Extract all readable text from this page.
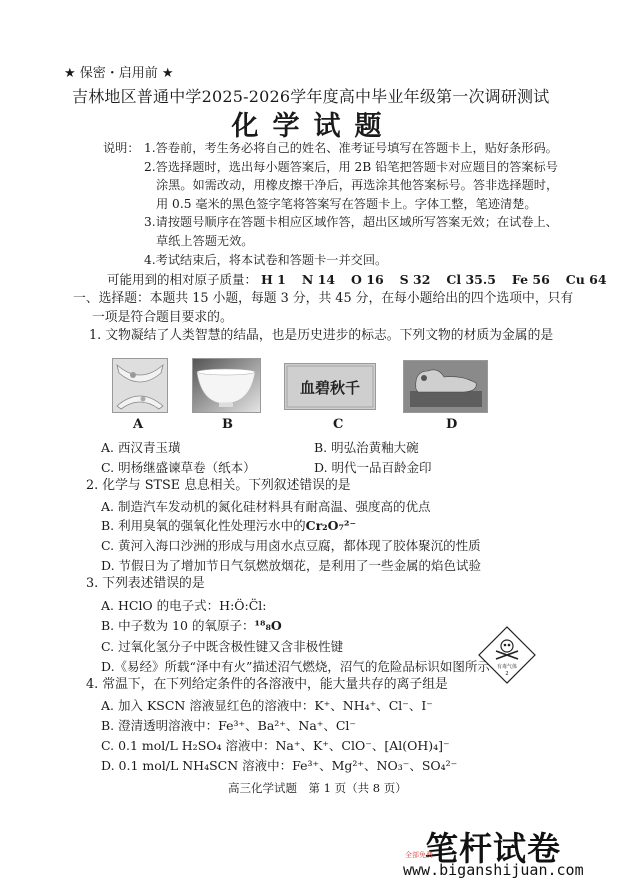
★ 保密・启用前 ★
吉林地区普通中学2025-2026学年度高中毕业年级第一次调研测试
化学试题
说明： 1.答卷前，考生务必将自己的姓名、准考证号填写在答题卡上，贴好条形码。
2.答选择题时，选出每小题答案后，用 2B 铅笔把答题卡对应题目的答案标号
涂黑。如需改动，用橡皮擦干净后，再选涂其他答案标号。答非选择题时，
用 0.5 毫米的黑色签字笔将答案写在答题卡上。字体工整，笔迹清楚。
3.请按题号顺序在答题卡相应区域作答，超出区域所写答案无效；在试卷上、
草纸上答题无效。
4.考试结束后，将本试卷和答题卡一并交回。
可能用到的相对原子质量： H 1 N 14 O 16 S 32 Cl 35.5 Fe 56 Cu 64
一、选择题：本题共 15 小题，每题 3 分，共 45 分，在每小题给出的四个选项中，只有
一项是符合题目要求的。
1. 文物凝结了人类智慧的结晶，也是历史进步的标志。下列文物的材质为金属的是
血碧秋千
A	B	C	D
A. 西汉青玉璜	B. 明弘治黄釉大碗
C. 明杨继盛谏草卷（纸本）	D. 明代一品百龄金印
2. 化学与 STSE 息息相关。下列叙述错误的是
A. 制造汽车发动机的氮化硅材料具有耐高温、强度高的优点
B. 利用臭氧的强氧化性处理污水中的Cr₂O₇²⁻
C. 黄河入海口沙洲的形成与用卤水点豆腐，都体现了胶体聚沉的性质
D. 节假日为了增加节日气氛燃放烟花，是利用了一些金属的焰色试验
3. 下列表述错误的是
A. HClO 的电子式：H:Ö:C̈l:
B. 中子数为 10 的氧原子：¹⁸₈O
C. 过氧化氢分子中既含极性键又含非极性键
D.《易经》所载“泽中有火”描述沼气燃烧，沼气的危险品标识如图所示	有毒气体
2
4. 常温下，在下列给定条件的各溶液中，能大量共存的离子组是
A. 加入 KSCN 溶液显红色的溶液中：K⁺、NH₄⁺、Cl⁻、I⁻
B. 澄清透明溶液中：Fe³⁺、Ba²⁺、Na⁺、Cl⁻
C. 0.1 mol/L H₂SO₄ 溶液中：Na⁺、K⁺、ClO⁻、[Al(OH)₄]⁻
D. 0.1 mol/L NH₄SCN 溶液中：Fe³⁺、Mg²⁺、NO₃⁻、SO₄²⁻
高三化学试题　第 1 页（共 8 页）
笔杆试卷
全部免费
www.biganshijuan.com
